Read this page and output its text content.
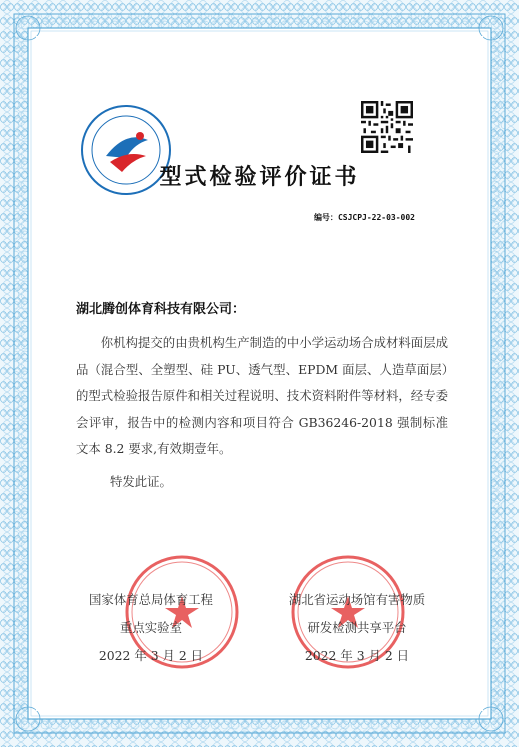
型式检验评价证书
编号：CSJCPJ-22-03-002
湖北腾创体育科技有限公司：

你机构提交的由贵机构生产制造的中小学运动场合成材料面层成品（混合型、全塑型、硅 PU、透气型、EPDM 面层、人造草面层）的型式检验报告原件和相关过程说明、技术资料附件等材料，经专委会评审，报告中的检测内容和项目符合 GB36246-2018 强制标准文本 8.2 要求,有效期壹年。

特发此证。
国家体育总局体育工程
重点实验室
2022 年 3 月 2 日
湖北省运动场馆有害物质
研发检测共享平台
2022 年 3 月 2 日
